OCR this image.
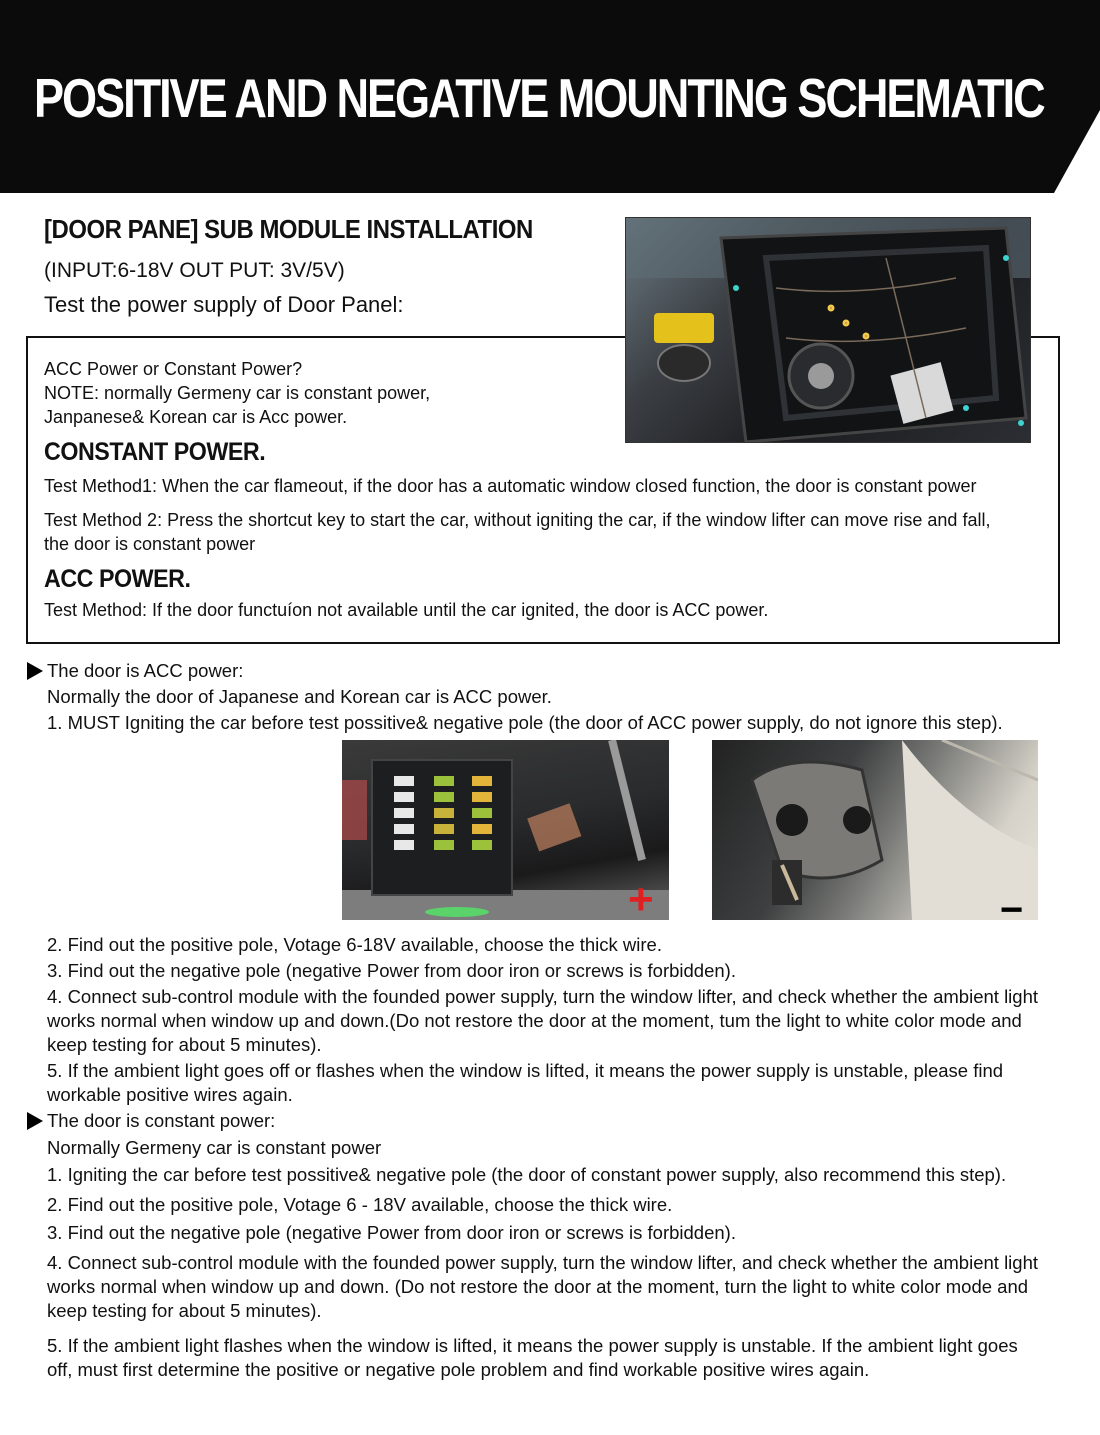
POSITIVE AND NEGATIVE MOUNTING SCHEMATIC
[DOOR PANE] SUB MODULE INSTALLATION
(INPUT:6-18V OUT PUT: 3V/5V)
Test the power supply of Door Panel:
ACC Power or Constant Power?
NOTE: normally Germeny car is constant power,
Janpanese& Korean car is Acc power.
CONSTANT POWER.
Test Method1: When the car flameout, if the door has a automatic window closed function, the door is constant power
Test Method 2: Press the shortcut key to start the car, without igniting the car, if the window lifter can move rise and fall,
the door is constant power
ACC POWER.
Test Method: If the door functuíon not available until the car ignited, the door is ACC power.
The door is ACC power:
Normally the door of Japanese and Korean car is ACC power.
1. MUST Igniting the car before test possitive& negative pole (the door of ACC power supply, do not ignore this step).
+	−
2. Find out the positive pole, Votage 6-18V available, choose the thick wire.
3. Find out the negative pole (negative Power from door iron or screws is forbidden).
4. Connect sub-control module with the founded power supply, turn the window lifter, and check whether the ambient light works normal when window up and down.(Do not restore the door at the moment, tum the light to white color mode and keep testing for about 5 minutes).
5. If the ambient light goes off or flashes when the window is lifted, it means the power supply is unstable, please find workable positive wires again.
The door is constant power:
Normally Germeny car is constant power
1. Igniting the car before test possitive& negative pole (the door of constant power supply, also recommend this step).
2. Find out the positive pole, Votage 6 - 18V available, choose the thick wire.
3. Find out the negative pole (negative Power from door iron or screws is forbidden).
4. Connect sub-control module with the founded power supply, turn the window lifter, and check whether the ambient light works normal when window up and down. (Do not restore the door at the moment, turn the light to white color mode and keep testing for about 5 minutes).
5. If the ambient light flashes when the window is lifted, it means the power supply is unstable. If the ambient light goes off, must first determine the positive or negative pole problem and find workable positive wires again.
